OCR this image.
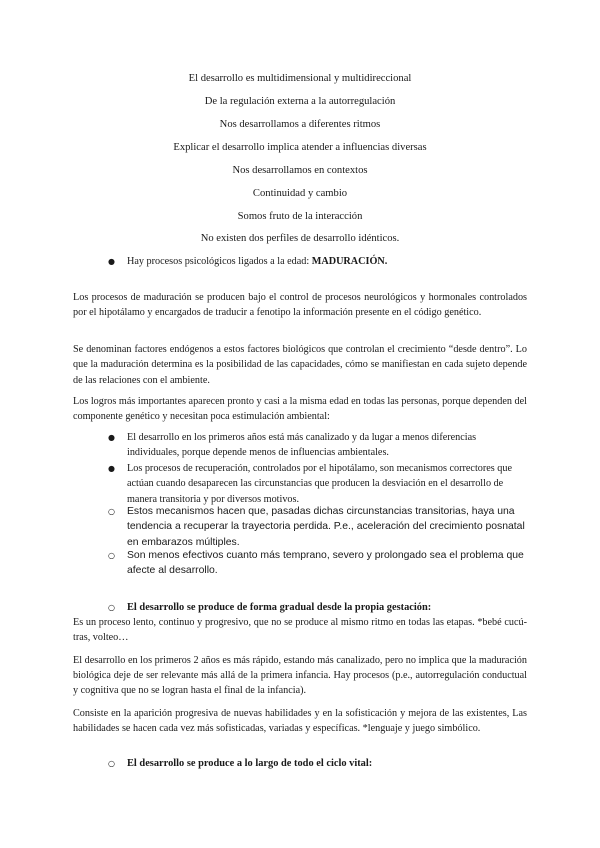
El desarrollo es multidimensional y multidireccional
De la regulación externa a la autorregulación
Nos desarrollamos a diferentes ritmos
Explicar el desarrollo implica atender a influencias diversas
Nos desarrollamos en contextos
Continuidad y cambio
Somos fruto de la interacción
No existen dos perfiles de desarrollo idénticos.
●	Hay procesos psicológicos ligados a la edad: MADURACIÓN.
Los procesos de maduración se producen bajo el control de procesos neurológicos y hormonales controlados por el hipotálamo y encargados de traducir a fenotipo la información presente en el código genético.
Se denominan factores endógenos a estos factores biológicos que controlan el crecimiento “desde dentro”. Lo que la maduración determina es la posibilidad de las capacidades, cómo se manifiestan en cada sujeto depende de las relaciones con el ambiente.
Los logros más importantes aparecen pronto y casi a la misma edad en todas las personas, porque dependen del componente genético y necesitan poca estimulación ambiental:
●	El desarrollo en los primeros años está más canalizado y da lugar a menos diferencias individuales, porque depende menos de influencias ambientales.
●	Los procesos de recuperación, controlados por el hipotálamo, son mecanismos correctores que actúan cuando desaparecen las circunstancias que producen la desviación en el desarrollo de manera transitoria y por diversos motivos.
○	Estos mecanismos hacen que, pasadas dichas circunstancias transitorias, haya una tendencia a recuperar la trayectoria perdida. P.e., aceleración del crecimiento posnatal en embarazos múltiples.
○	Son menos efectivos cuanto más temprano, severo y prolongado sea el problema que afecte al desarrollo.
○ El desarrollo se produce de forma gradual desde la propia gestación:
Es un proceso lento, continuo y progresivo, que no se produce al mismo ritmo en todas las etapas. *bebé cucú-tras, volteo…
El desarrollo en los primeros 2 años es más rápido, estando más canalizado, pero no implica que la maduración biológica deje de ser relevante más allá de la primera infancia. Hay procesos (p.e., autorregulación conductual y cognitiva que no se logran hasta el final de la infancia).
Consiste en la aparición progresiva de nuevas habilidades y en la sofisticación y mejora de las existentes, Las habilidades se hacen cada vez más sofisticadas, variadas y específicas. *lenguaje y juego simbólico.
○ El desarrollo se produce a lo largo de todo el ciclo vital:
